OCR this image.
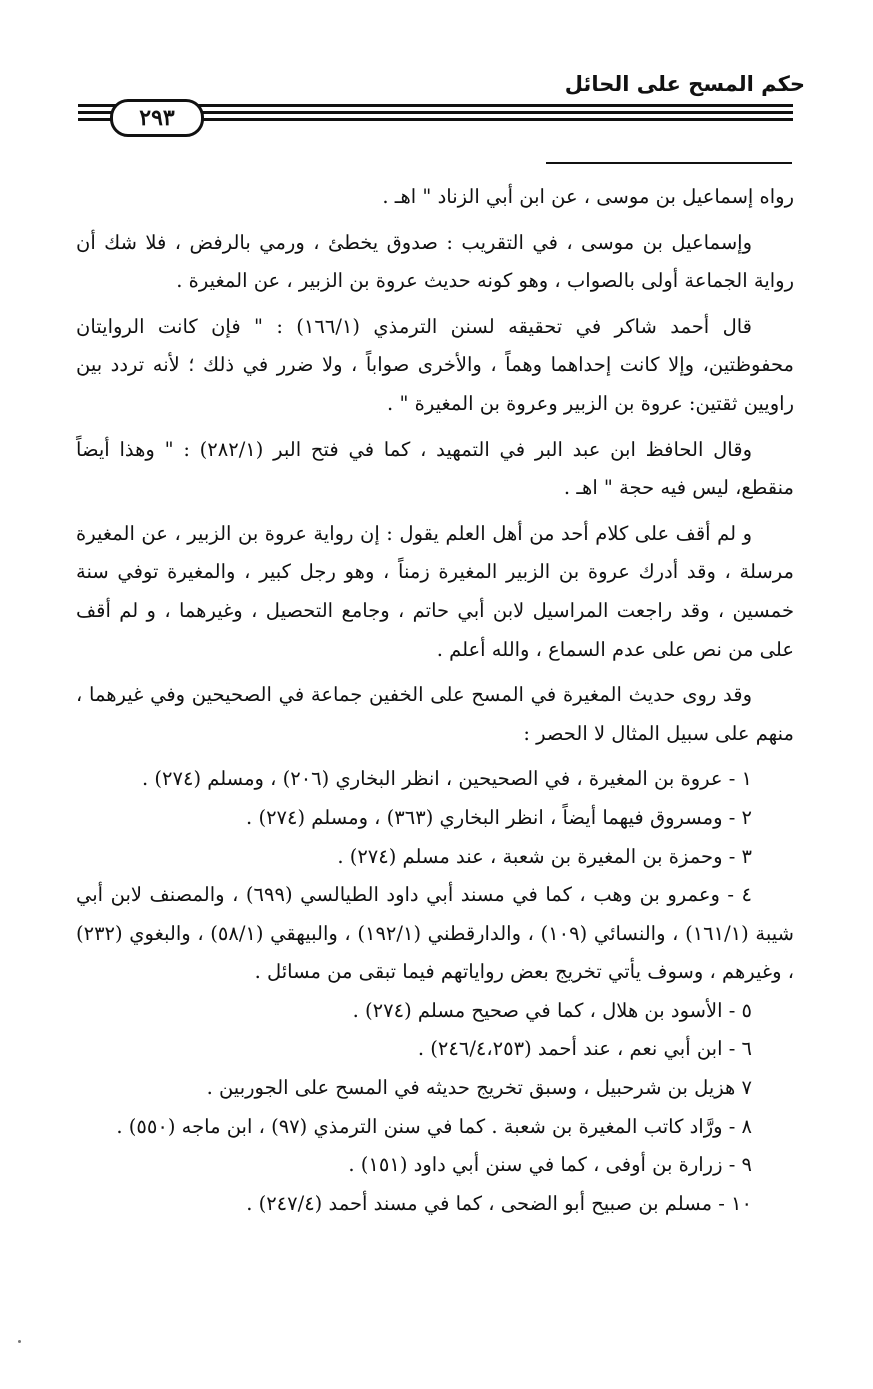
حكم المسح على الحائل
٢٩٣

رواه إسماعيل بن موسى ، عن ابن أبي الزناد " اهـ .

وإسماعيل بن موسى ، في التقريب : صدوق يخطئ ، ورمي بالرفض ، فلا شك أن رواية الجماعة أولى بالصواب ، وهو كونه حديث عروة بن الزبير ، عن المغيرة .

قال أحمد شاكر في تحقيقه لسنن الترمذي (١٦٦/١) : " فإن كانت الروايتان محفوظتين، وإلا كانت إحداهما وهماً ، والأخرى صواباً ، ولا ضرر في ذلك ؛ لأنه تردد بين راويين ثقتين: عروة بن الزبير وعروة بن المغيرة " .

وقال الحافظ ابن عبد البر في التمهيد ، كما في فتح البر (٢٨٢/١) : " وهذا أيضاً منقطع، ليس فيه حجة " اهـ .

و لم أقف على كلام أحد من أهل العلم يقول : إن رواية عروة بن الزبير ، عن المغيرة مرسلة ، وقد أدرك عروة بن الزبير المغيرة زمناً ، وهو رجل كبير ، والمغيرة توفي سنة خمسين ، وقد راجعت المراسيل لابن أبي حاتم ، وجامع التحصيل ، وغيرهما ، و لم أقف على من نص على عدم السماع ، والله أعلم .

وقد روى حديث المغيرة في المسح على الخفين جماعة في الصحيحين وفي غيرهما ، منهم على سبيل المثال لا الحصر :

١ - عروة بن المغيرة ، في الصحيحين ، انظر البخاري (٢٠٦) ، ومسلم (٢٧٤) .

٢ - ومسروق فيهما أيضاً ، انظر البخاري (٣٦٣) ، ومسلم (٢٧٤) .

٣ - وحمزة بن المغيرة بن شعبة ، عند مسلم (٢٧٤) .

٤ - وعمرو بن وهب ، كما في مسند أبي داود الطيالسي (٦٩٩) ، والمصنف لابن أبي شيبة (١٦١/١) ، والنسائي (١٠٩) ، والدارقطني (١٩٢/١) ، والبيهقي (٥٨/١) ، والبغوي (٢٣٢) ، وغيرهم ، وسوف يأتي تخريج بعض رواياتهم فيما تبقى من مسائل .

٥ - الأسود بن هلال ، كما في صحيح مسلم (٢٧٤) .

٦ - ابن أبي نعم ، عند أحمد (٢٤٦/٤،٢٥٣) .

٧ هزيل بن شرحبيل ، وسبق تخريج حديثه في المسح على الجوربين .

٨ - ورَّاد كاتب المغيرة بن شعبة . كما في سنن الترمذي (٩٧) ، ابن ماجه (٥٥٠) .

٩ - زرارة بن أوفى ، كما في سنن أبي داود (١٥١) .

١٠ - مسلم بن صبيح أبو الضحى ، كما في مسند أحمد (٢٤٧/٤) .
